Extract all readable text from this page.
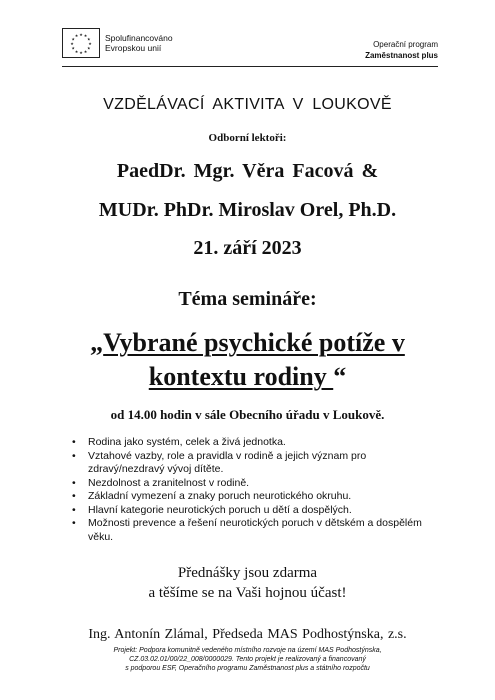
★ ★
★
★
★
★
★
★
★
★
★
★	Spolufinancováno
Evropskou unií	Operační program
Zaměstnanost plus
VZDĚLÁVACÍ AKTIVITA V LOUKOVĚ
Odborní lektoři:
PaedDr. Mgr. Věra Facová &
MUDr. PhDr. Miroslav Orel, Ph.D.
21. září 2023
Téma semináře:
„Vybrané psychické potíže v
kontextu rodiny “
od 14.00 hodin v sále Obecního úřadu v Loukově.
• Rodina jako systém, celek a živá jednotka.
• Vztahové vazby, role a pravidla v rodině a jejich význam pro zdravý/nezdravý vývoj dítěte.
• Nezdolnost a zranitelnost v rodině.
• Základní vymezení a znaky poruch neurotického okruhu.
• Hlavní kategorie neurotických poruch u dětí a dospělých.
• Možnosti prevence a řešení neurotických poruch v dětském a dospělém věku.
Přednášky jsou zdarma
a těšíme se na Vaši hojnou účast!
Ing. Antonín Zlámal, Předseda MAS Podhostýnska, z.s.
Projekt: Podpora komunitně vedeného místního rozvoje na území MAS Podhostýnska,
CZ.03.02.01/00/22_008/0000029. Tento projekt je realizovaný a financovaný
s podporou ESF, Operačního programu Zaměstnanost plus a státního rozpočtu
